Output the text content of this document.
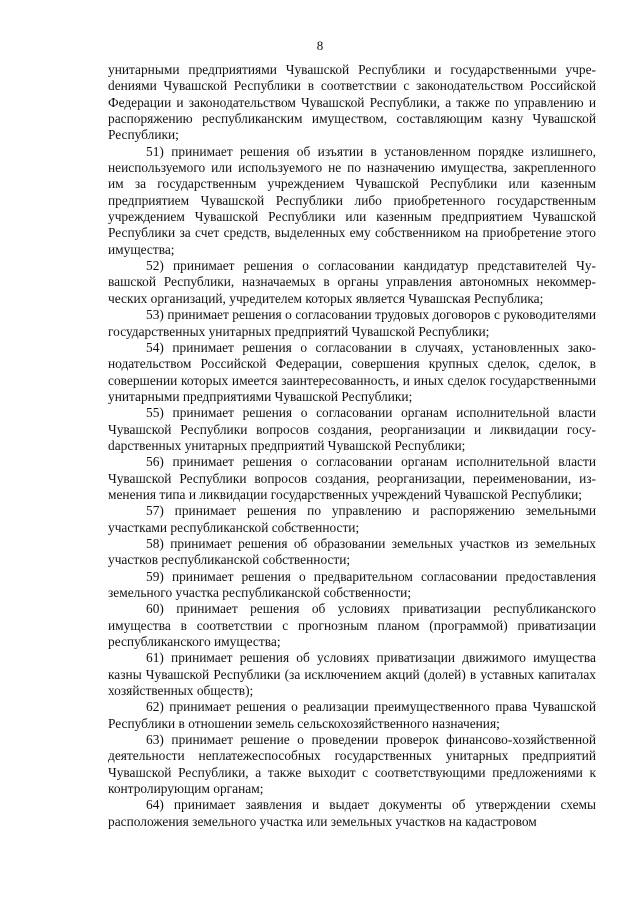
8

унитарными предприятиями Чувашской Республики и государственными учреdениями Чувашской Республики в соответствии с законодательством Российской Федерации и законодательством Чувашской Республики, а также по управлению и распоряжению республиканским имуществом, составляющим казну Чувашской Республики;

51) принимает решения об изъятии в установленном порядке излишнего, неиспользуемого или используемого не по назначению имущества, закрепленного им за государственным учреждением Чувашской Республики или казенным предприятием Чувашской Республики либо приобретенного государственным учреждением Чувашской Республики или казенным предприятием Чувашской Республики за счет средств, выделенных ему собственником на приобретение этого имущества;

52) принимает решения о согласовании кандидатур представителей Чувашской Республики, назначаемых в органы управления автономных некоммерческих организаций, учредителем которых является Чувашская Республика;

53) принимает решения о согласовании трудовых договоров с руководителями государственных унитарных предприятий Чувашской Республики;

54) принимает решения о согласовании в случаях, установленных законодательством Российской Федерации, совершения крупных сделок, сделок, в совершении которых имеется заинтересованность, и иных сделок государственными унитарными предприятиями Чувашской Республики;

55) принимает решения о согласовании органам исполнительной власти Чувашской Республики вопросов создания, реорганизации и ликвидации госуdарственных унитарных предприятий Чувашской Республики;

56) принимает решения о согласовании органам исполнительной власти Чувашской Республики вопросов создания, реорганизации, переименовании, изменения типа и ликвидации государственных учреждений Чувашской Республики;

57) принимает решения по управлению и распоряжению земельными участками республиканской собственности;

58) принимает решения об образовании земельных участков из земельных участков республиканской собственности;

59) принимает решения о предварительном согласовании предоставления земельного участка республиканской собственности;

60) принимает решения об условиях приватизации республиканского имущества в соответствии с прогнозным планом (программой) приватизации республиканского имущества;

61) принимает решения об условиях приватизации движимого имущества казны Чувашской Республики (за исключением акций (долей) в уставных капиталах хозяйственных обществ);

62) принимает решения о реализации преимущественного права Чувашской Республики в отношении земель сельскохозяйственного назначения;

63) принимает решение о проведении проверок финансово-хозяйственной деятельности неплатежеспособных государственных унитарных предприятий Чувашской Республики, а также выходит с соответствующими предложениями к контролирующим органам;

64) принимает заявления и выдает документы об утверждении схемы расположения земельного участка или земельных участков на кадастровом
